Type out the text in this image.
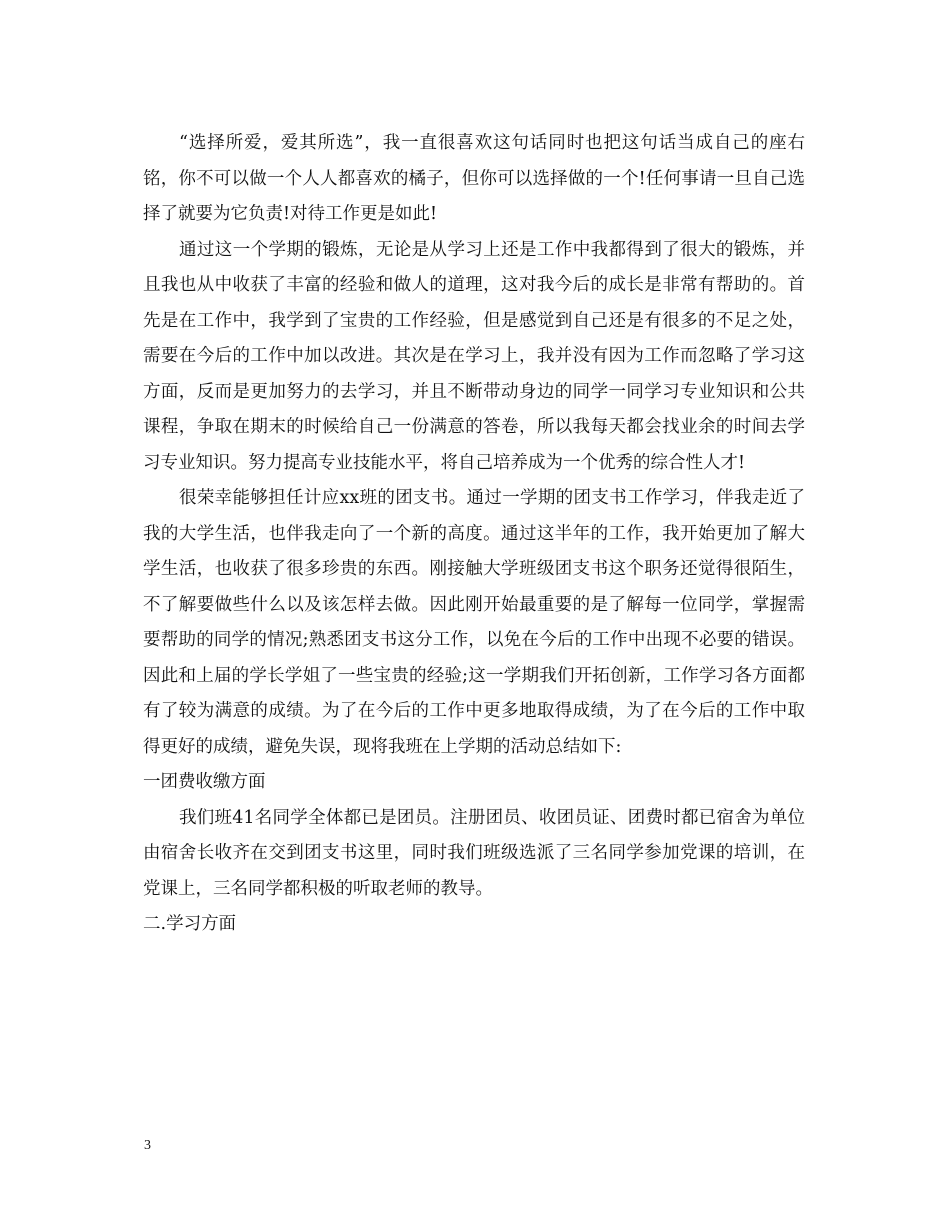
“选择所爱，爱其所选”，我一直很喜欢这句话同时也把这句话当成自己的座右铭，你不可以做一个人人都喜欢的橘子，但你可以选择做的一个!任何事请一旦自己选择了就要为它负责!对待工作更是如此!

通过这一个学期的锻炼，无论是从学习上还是工作中我都得到了很大的锻炼，并且我也从中收获了丰富的经验和做人的道理，这对我今后的成长是非常有帮助的。首先是在工作中，我学到了宝贵的工作经验，但是感觉到自己还是有很多的不足之处，需要在今后的工作中加以改进。其次是在学习上，我并没有因为工作而忽略了学习这方面，反而是更加努力的去学习，并且不断带动身边的同学一同学习专业知识和公共课程，争取在期末的时候给自己一份满意的答卷，所以我每天都会找业余的时间去学习专业知识。努力提高专业技能水平，将自己培养成为一个优秀的综合性人才!

很荣幸能够担任计应xx班的团支书。通过一学期的团支书工作学习，伴我走近了我的大学生活，也伴我走向了一个新的高度。通过这半年的工作，我开始更加了解大学生活，也收获了很多珍贵的东西。刚接触大学班级团支书这个职务还觉得很陌生，不了解要做些什么以及该怎样去做。因此刚开始最重要的是了解每一位同学，掌握需要帮助的同学的情况;熟悉团支书这分工作，以免在今后的工作中出现不必要的错误。因此和上届的学长学姐了一些宝贵的经验;这一学期我们开拓创新，工作学习各方面都有了较为满意的成绩。为了在今后的工作中更多地取得成绩，为了在今后的工作中取得更好的成绩，避免失误，现将我班在上学期的活动总结如下:

一团费收缴方面

我们班41名同学全体都已是团员。注册团员、收团员证、团费时都已宿舍为单位由宿舍长收齐在交到团支书这里，同时我们班级选派了三名同学参加党课的培训，在党课上，三名同学都积极的听取老师的教导。

二.学习方面

3
